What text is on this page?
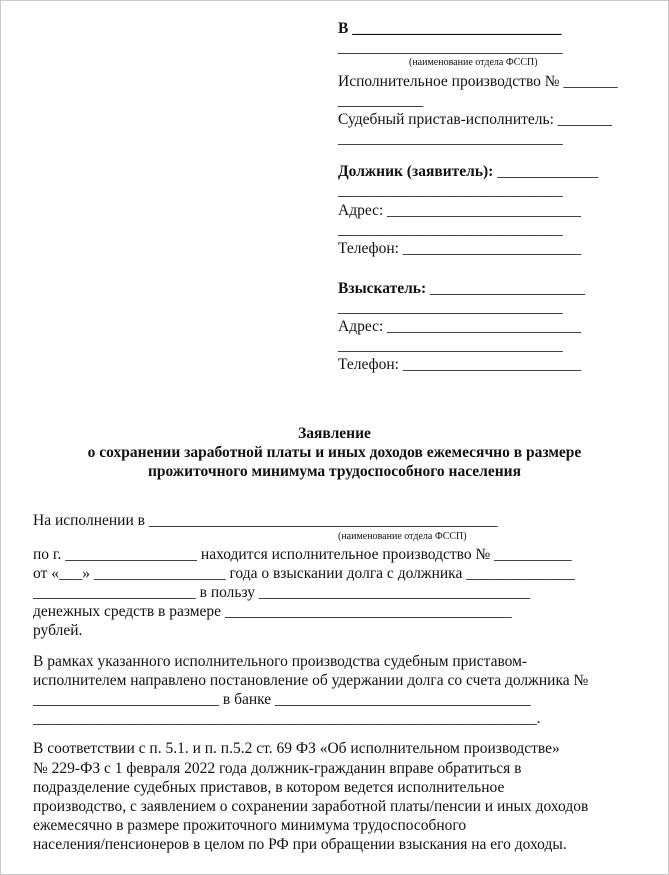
В ___________________________
_____________________________
(наименование отдела ФССП)
Исполнительное производство № _______
___________
Судебный пристав-исполнитель: _______
_____________________________
Должник (заявитель): _____________
_____________________________
Адрес: _________________________
_____________________________
Телефон: _______________________
Взыскатель: ____________________
_____________________________
Адрес: _________________________
_____________________________
Телефон: _______________________
Заявление
о сохранении заработной платы и иных доходов ежемесячно в размере
прожиточного минимума трудоспособного населения
На исполнении в _____________________________________________
(наименование отдела ФССП)
по г. _________________ находится исполнительное производство № __________
от «___» _________________ года о взыскании долга с должника ______________
_____________________ в пользу ___________________________________
денежных средств в размере _____________________________________
рублей.
В рамках указанного исполнительного производства судебным приставом-
исполнителем направлено постановление об удержании долга со счета должника №
________________________ в банке _________________________________
_________________________________________________________________.
В соответствии с п. 5.1. и п. п.5.2 ст. 69 ФЗ «Об исполнительном производстве»
№ 229-ФЗ с 1 февраля 2022 года должник-гражданин вправе обратиться в
подразделение судебных приставов, в котором ведется исполнительное
производство, с заявлением о сохранении заработной платы/пенсии и иных доходов
ежемесячно в размере прожиточного минимума трудоспособного
населения/пенсионеров в целом по РФ при обращении взыскания на его доходы.
